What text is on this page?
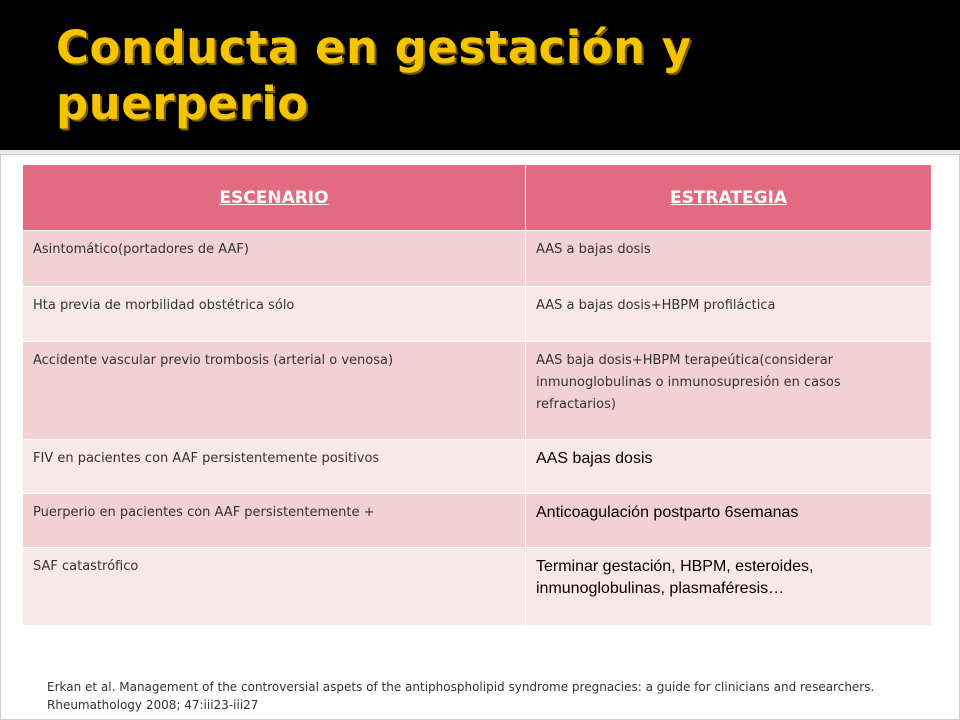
Conducta en gestación y puerperio
ESCENARIO	ESTRATEGIA
Asintomático(portadores de AAF)	AAS a bajas dosis
Hta previa de morbilidad obstétrica sólo	AAS a bajas dosis+HBPM profiláctica
Accidente vascular previo trombosis (arterial o venosa)	AAS baja dosis+HBPM terapeútica(considerar inmunoglobulinas o inmunosupresión en casos refractarios)
FIV en pacientes con AAF persistentemente positivos	AAS bajas dosis
Puerperio en pacientes con AAF persistentemente +	Anticoagulación postparto 6semanas
SAF catastrófico	Terminar gestación, HBPM, esteroides, inmunoglobulinas, plasmaféresis…

Erkan et al. Management of the controversial aspets of the antiphospholipid syndrome pregnacies: a guide for clinicians and researchers. Rheumathology 2008; 47:iii23-iii27
